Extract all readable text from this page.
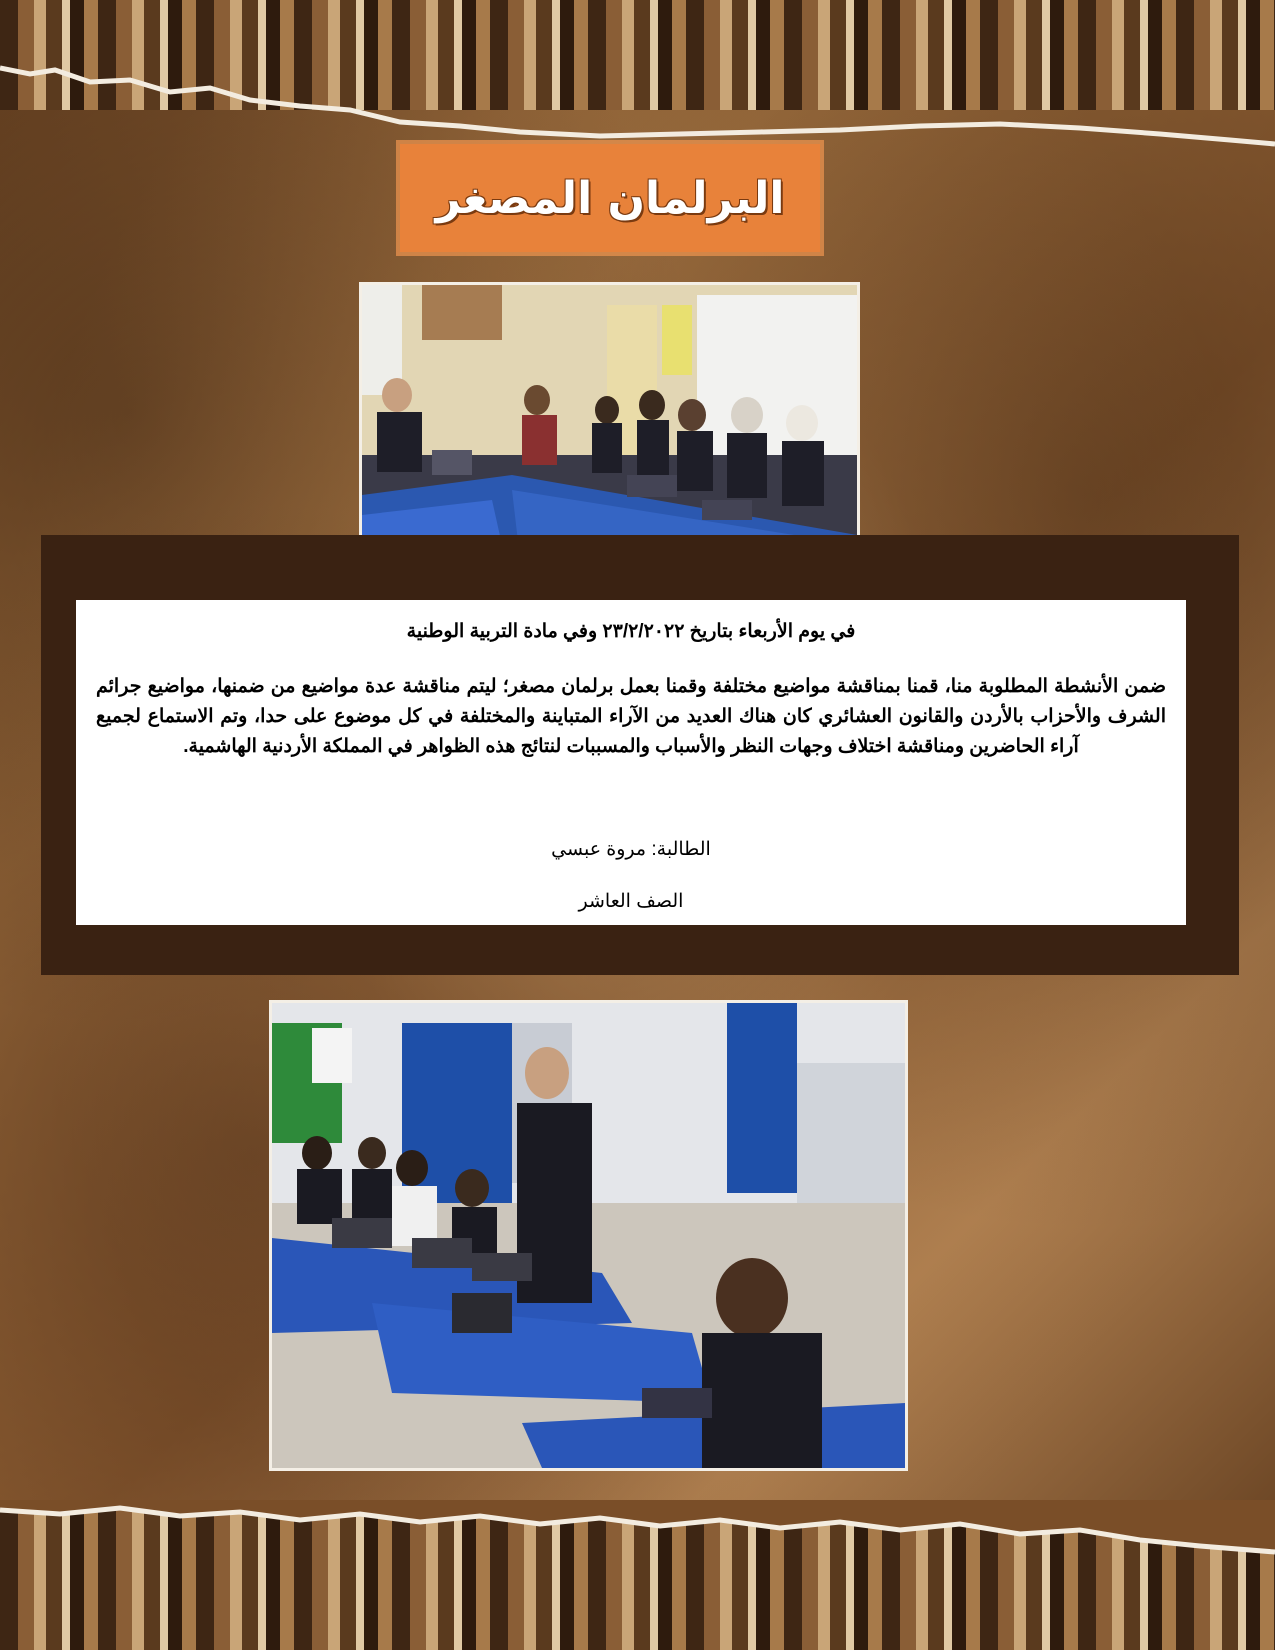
البرلمان المصغر
في يوم الأربعاء بتاريخ ٢٣/٢/٢٠٢٢ وفي مادة التربية الوطنية
ضمن الأنشطة المطلوبة منا، قمنا بمناقشة مواضيع مختلفة وقمنا بعمل برلمان مصغر؛ ليتم مناقشة عدة مواضيع من ضمنها، مواضيع جرائم الشرف والأحزاب بالأردن والقانون العشائري كان هناك العديد من الآراء المتباينة والمختلفة في كل موضوع على حدا، وتم الاستماع لجميع آراء الحاضرين ومناقشة اختلاف وجهات النظر والأسباب والمسببات لنتائج هذه الظواهر في المملكة الأردنية الهاشمية.
الطالبة: مروة عبسي
الصف العاشر
